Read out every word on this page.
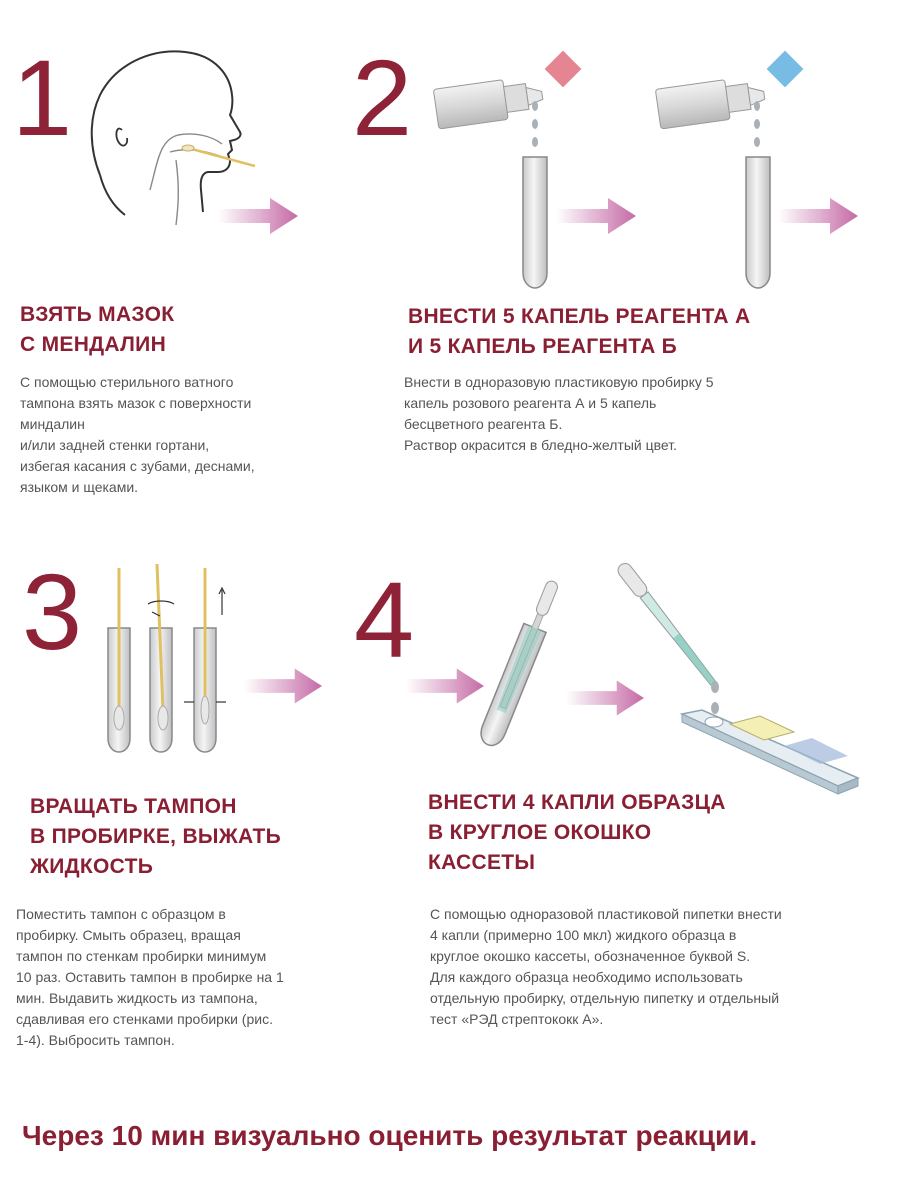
1
ВЗЯТЬ МАЗОК
С МЕНДАЛИН
С помощью стерильного ватного
тампона взять мазок с поверхности
миндалин
и/или задней стенки гортани,
избегая касания с зубами, деснами,
языком и щеками.
2
ВНЕСТИ 5 КАПЕЛЬ РЕАГЕНТА А
И 5 КАПЕЛЬ РЕАГЕНТА Б
Внести в одноразовую пластиковую пробирку 5
капель розового реагента А и 5 капель
бесцветного реагента Б.
Раствор окрасится в бледно-желтый цвет.
3
ВРАЩАТЬ ТАМПОН
В ПРОБИРКЕ, ВЫЖАТЬ
ЖИДКОСТЬ
Поместить тампон с образцом в
пробирку. Смыть образец, вращая
тампон по стенкам пробирки минимум
10 раз. Оставить тампон в пробирке на 1
мин. Выдавить жидкость из тампона,
сдавливая его стенками пробирки (рис.
1-4). Выбросить тампон.
4
ВНЕСТИ 4 КАПЛИ ОБРАЗЦА
В КРУГЛОЕ ОКОШКО
КАССЕТЫ
С помощью одноразовой пластиковой пипетки внести
4 капли (примерно 100 мкл) жидкого образца в
круглое окошко кассеты, обозначенное буквой S.
Для каждого образца необходимо использовать
отдельную пробирку, отдельную пипетку и отдельный
тест «РЭД стрептококк А».
Через 10 мин визуально оценить результат реакции.
